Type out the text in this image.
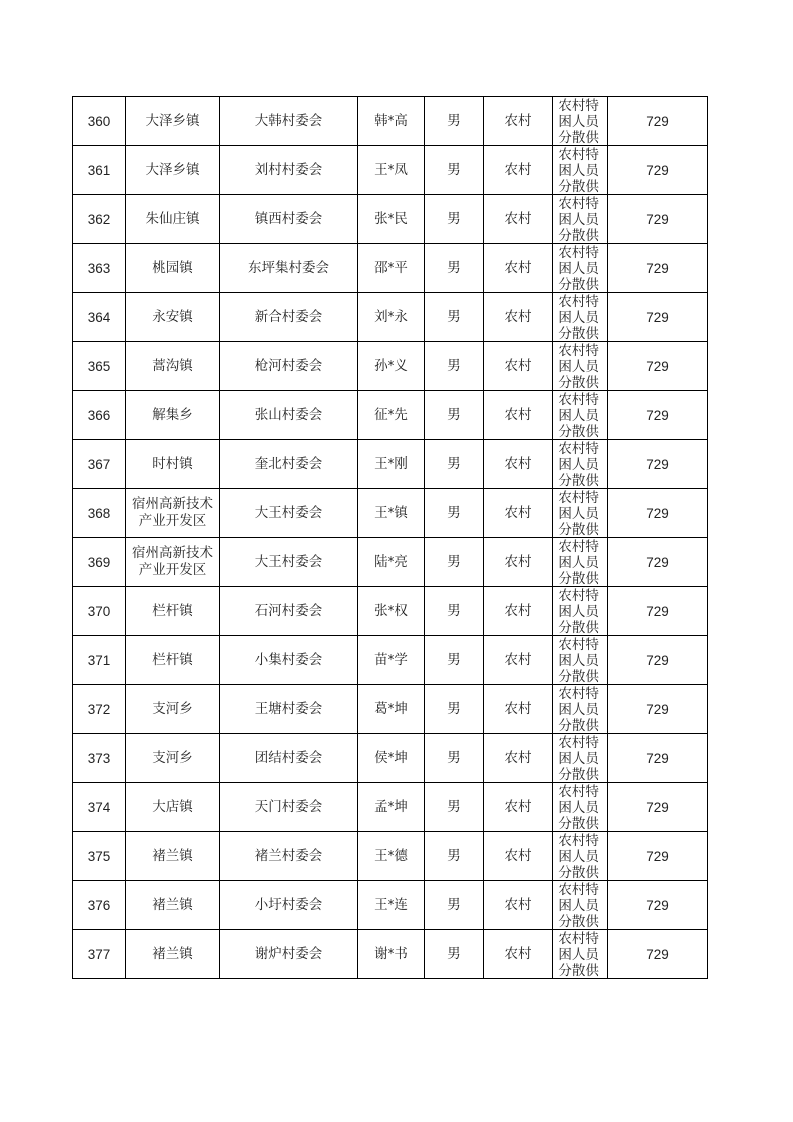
360	大泽乡镇	大韩村委会	韩*高	男	农村	农村特困人员分散供	729
361	大泽乡镇	刘村村委会	王*凤	男	农村	农村特困人员分散供	729
362	朱仙庄镇	镇西村委会	张*民	男	农村	农村特困人员分散供	729
363	桃园镇	东坪集村委会	邵*平	男	农村	农村特困人员分散供	729
364	永安镇	新合村委会	刘*永	男	农村	农村特困人员分散供	729
365	蒿沟镇	枪河村委会	孙*义	男	农村	农村特困人员分散供	729
366	解集乡	张山村委会	征*先	男	农村	农村特困人员分散供	729
367	时村镇	奎北村委会	王*刚	男	农村	农村特困人员分散供	729
368	宿州高新技术产业开发区	大王村委会	王*镇	男	农村	农村特困人员分散供	729
369	宿州高新技术产业开发区	大王村委会	陆*亮	男	农村	农村特困人员分散供	729
370	栏杆镇	石河村委会	张*权	男	农村	农村特困人员分散供	729
371	栏杆镇	小集村委会	苗*学	男	农村	农村特困人员分散供	729
372	支河乡	王塘村委会	葛*坤	男	农村	农村特困人员分散供	729
373	支河乡	团结村委会	侯*坤	男	农村	农村特困人员分散供	729
374	大店镇	天门村委会	孟*坤	男	农村	农村特困人员分散供	729
375	褚兰镇	褚兰村委会	王*德	男	农村	农村特困人员分散供	729
376	褚兰镇	小圩村委会	王*连	男	农村	农村特困人员分散供	729
377	褚兰镇	谢炉村委会	谢*书	男	农村	农村特困人员分散供	729
